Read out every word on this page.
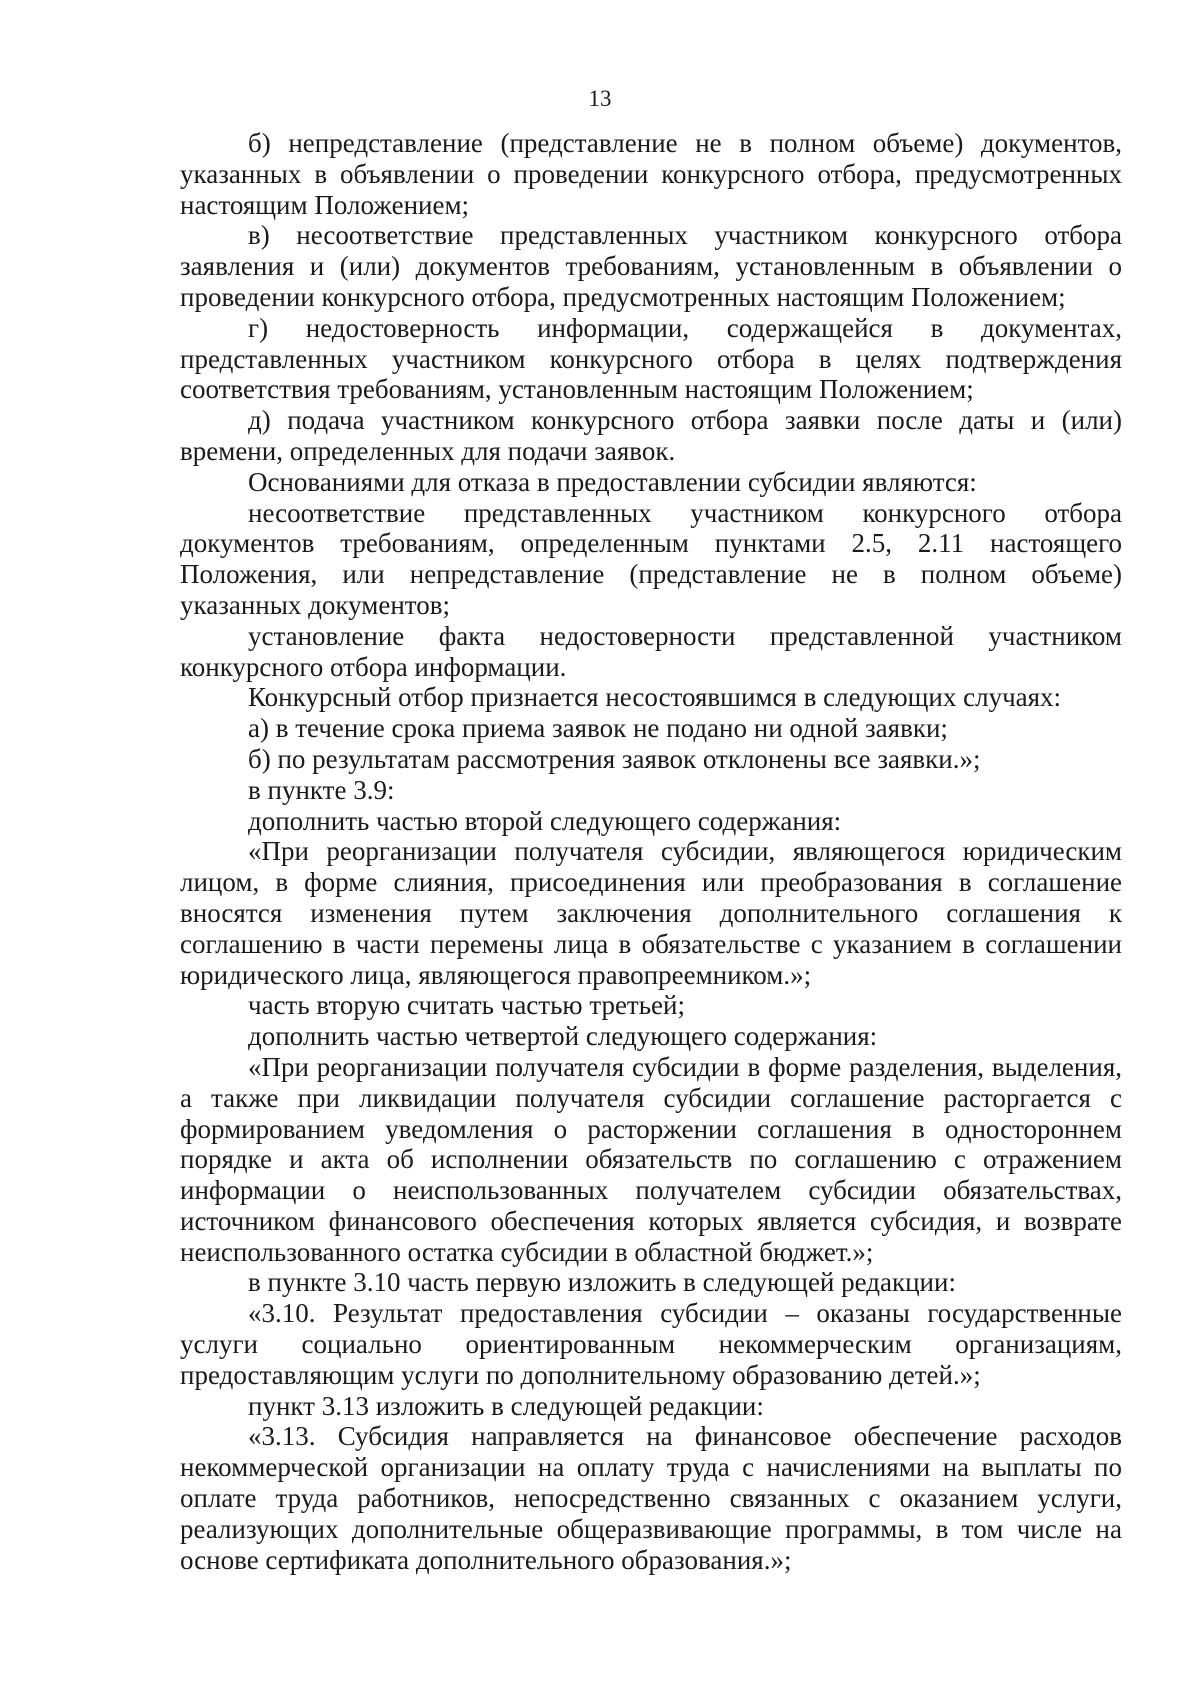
13

б) непредставление (представление не в полном объеме) документов, указанных в объявлении о проведении конкурсного отбора, предусмотренных настоящим Положением;

в) несоответствие представленных участником конкурсного отбора заявления и (или) документов требованиям, установленным в объявлении о проведении конкурсного отбора, предусмотренных настоящим Положением;

г) недостоверность информации, содержащейся в документах, представленных участником конкурсного отбора в целях подтверждения соответствия требованиям, установленным настоящим Положением;

д) подача участником конкурсного отбора заявки после даты и (или) времени, определенных для подачи заявок.

Основаниями для отказа в предоставлении субсидии являются:

несоответствие представленных участником конкурсного отбора документов требованиям, определенным пунктами 2.5, 2.11 настоящего Положения, или непредставление (представление не в полном объеме) указанных документов;

установление факта недостоверности представленной участником конкурсного отбора информации.

Конкурсный отбор признается несостоявшимся в следующих случаях:

а) в течение срока приема заявок не подано ни одной заявки;

б) по результатам рассмотрения заявок отклонены все заявки.»;

в пункте 3.9:

дополнить частью второй следующего содержания:

«При реорганизации получателя субсидии, являющегося юридическим лицом, в форме слияния, присоединения или преобразования в соглашение вносятся изменения путем заключения дополнительного соглашения к соглашению в части перемены лица в обязательстве с указанием в соглашении юридического лица, являющегося правопреемником.»;

часть вторую считать частью третьей;

дополнить частью четвертой следующего содержания:

«При реорганизации получателя субсидии в форме разделения, выделения, а также при ликвидации получателя субсидии соглашение расторгается с формированием уведомления о расторжении соглашения в одностороннем порядке и акта об исполнении обязательств по соглашению с отражением информации о неиспользованных получателем субсидии обязательствах, источником финансового обеспечения которых является субсидия, и возврате неиспользованного остатка субсидии в областной бюджет.»;

в пункте 3.10 часть первую изложить в следующей редакции:

«3.10. Результат предоставления субсидии – оказаны государственные услуги социально ориентированным некоммерческим организациям, предоставляющим услуги по дополнительному образованию детей.»;

пункт 3.13 изложить в следующей редакции:

«3.13. Субсидия направляется на финансовое обеспечение расходов некоммерческой организации на оплату труда с начислениями на выплаты по оплате труда работников, непосредственно связанных с оказанием услуги, реализующих дополнительные общеразвивающие программы, в том числе на основе сертификата дополнительного образования.»;
